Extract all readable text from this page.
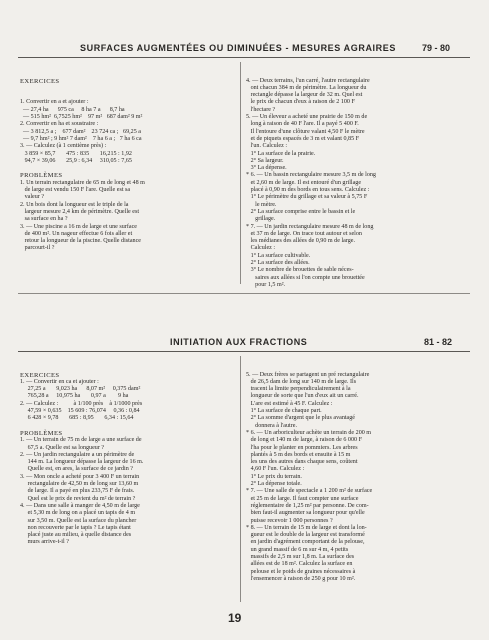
SURFACES AUGMENTÉES OU DIMINUÉES - MESURES AGRAIRES	79 - 80

EXERCICES

1. Convertir en a et ajouter :
— 27,4 ha      975 ca     8 ha 7 a      8,7 ha
— 515 hm²  6,7525 hm²    97 m²   687 dam² 9 m²
2. Convertir en ha et soustraire :
— 3 812,5 a ;    677 dam²    23 724 ca ;   69,25 a
— 9,7 hm² ; 9 hm² 7 dam²    7 ha 6 a ;   7 ha 6 ca
3. — Calculez (à 1 centième près) :
3 859 × 85,7       475 : 835       16,215 : 1,92
94,7 × 39,06       25,9 : 6,34     310,05 : 7,65

PROBLÈMES
1. Un terrain rectangulaire de 65 m de long et 48 m
de large est vendu 150 F l'are. Quelle est sa
valeur ?
2. Un bois dont la longueur est le triple de la
largeur mesure 2,4 km de périmètre. Quelle est
sa surface en ha ?
3. — Une piscine a 16 m de large et une surface
de 400 m². Un nageur effectue 6 fois aller et
retour la longueur de la piscine. Quelle distance
parcourt-il ?

4. — Deux terrains, l'un carré, l'autre rectangulaire
ont chacun 384 m de périmètre. La longueur du
rectangle dépasse la largeur de 32 m. Quel est
le prix de chacun d'eux à raison de 2 100 F
l'hectare ?
5. — Un éleveur a acheté une prairie de 150 m de
long à raison de 40 F l'are. Il a payé 5 400 F.
Il l'entoure d'une clôture valant 4,50 F le mètre
et de piquets espacés de 3 m et valant 0,85 F
l'un. Calculez :
1° La surface de la prairie.
2° Sa largeur.
3° La dépense.
* 6. — Un bassin rectangulaire mesure 3,5 m de long
et 2,60 m de large. Il est entouré d'un grillage
placé à 0,90 m des bords en tous sens. Calculez :
1° Le périmètre du grillage et sa valeur à 5,75 F
le mètre.
2° La surface comprise entre le bassin et le
grillage.
* 7. — Un jardin rectangulaire mesure 48 m de long
et 37 m de large. On trace tout autour et selon
les médianes des allées de 0,90 m de large.
Calculez :
1° La surface cultivable.
2° La surface des allées.
3° Le nombre de brouettes de sable néces-
saires aux allées si l'on compte une brouettée
pour 1,5 m².

INITIATION AUX FRACTIONS	81 - 82

EXERCICES
1. — Convertir en ca et ajouter :
27,25 a       9,023 ha      8,07 m²     0,375 dam²
765,28 a     10,975 ha       0,97 a        9 ha
2. — Calculez :          à 1/100 près    à 1/1000 près
47,59 × 0,635    15 609 : 76,074     0,36 : 0,84
6 428 × 9,78       685 : 8,95       6,34 : 15,64

PROBLÈMES
1. — Un terrain de 75 m de large a une surface de
67,5 a. Quelle est sa longueur ?
2. — Un jardin rectangulaire a un périmètre de
144 m. La longueur dépasse la largeur de 16 m.
Quelle est, en ares, la surface de ce jardin ?
3. — Mon oncle a acheté pour 3 400 F un terrain
rectangulaire de 42,50 m de long sur 13,60 m
de large. Il a payé en plus 233,75 F de frais.
Quel est le prix de revient du m² de terrain ?
4. — Dans une salle à manger de 4,50 m de large
et 5,30 m de long on a placé un tapis de 4 m
sur 3,50 m. Quelle est la surface du plancher
non recouverte par le tapis ? Le tapis étant
placé juste au milieu, à quelle distance des
murs arrive-t-il ?

5. — Deux frères se partagent un pré rectangulaire
de 26,5 dam de long sur 140 m de large. Ils
tracent la limite perpendiculairement à la
longueur de sorte que l'un d'eux ait un carré.
L'are est estimé à 45 F. Calculez :
1° La surface de chaque part.
2° La somme d'argent que le plus avantagé
donnera à l'autre.
* 6. — Un arboriculteur achète un terrain de 200 m
de long et 140 m de large, à raison de 6 000 F
l'ha pour le planter en pommiers. Les arbres
plantés à 5 m des bords et ensuite à 15 m
les uns des autres dans chaque sens, coûtent
4,60 F l'un. Calculez :
1° Le prix du terrain.
2° La dépense totale.
* 7. — Une salle de spectacle a 1 200 m² de surface
et 25 m de large. Il faut compter une surface
réglementaire de 1,25 m² par personne. De com-
bien faut-il augmenter sa longueur pour qu'elle
puisse recevoir 1 000 personnes ?
* 8. — Un terrain de 15 m de large et dont la lon-
gueur est le double de la largeur est transformé
en jardin d'agrément comportant de la pelouse,
un grand massif de 6 m sur 4 m, 4 petits
massifs de 2,5 m sur 1,8 m. La surface des
allées est de 18 m². Calculez la surface en
pelouse et le poids de graines nécessaires à
l'ensemencer à raison de 250 g pour 10 m².

19
